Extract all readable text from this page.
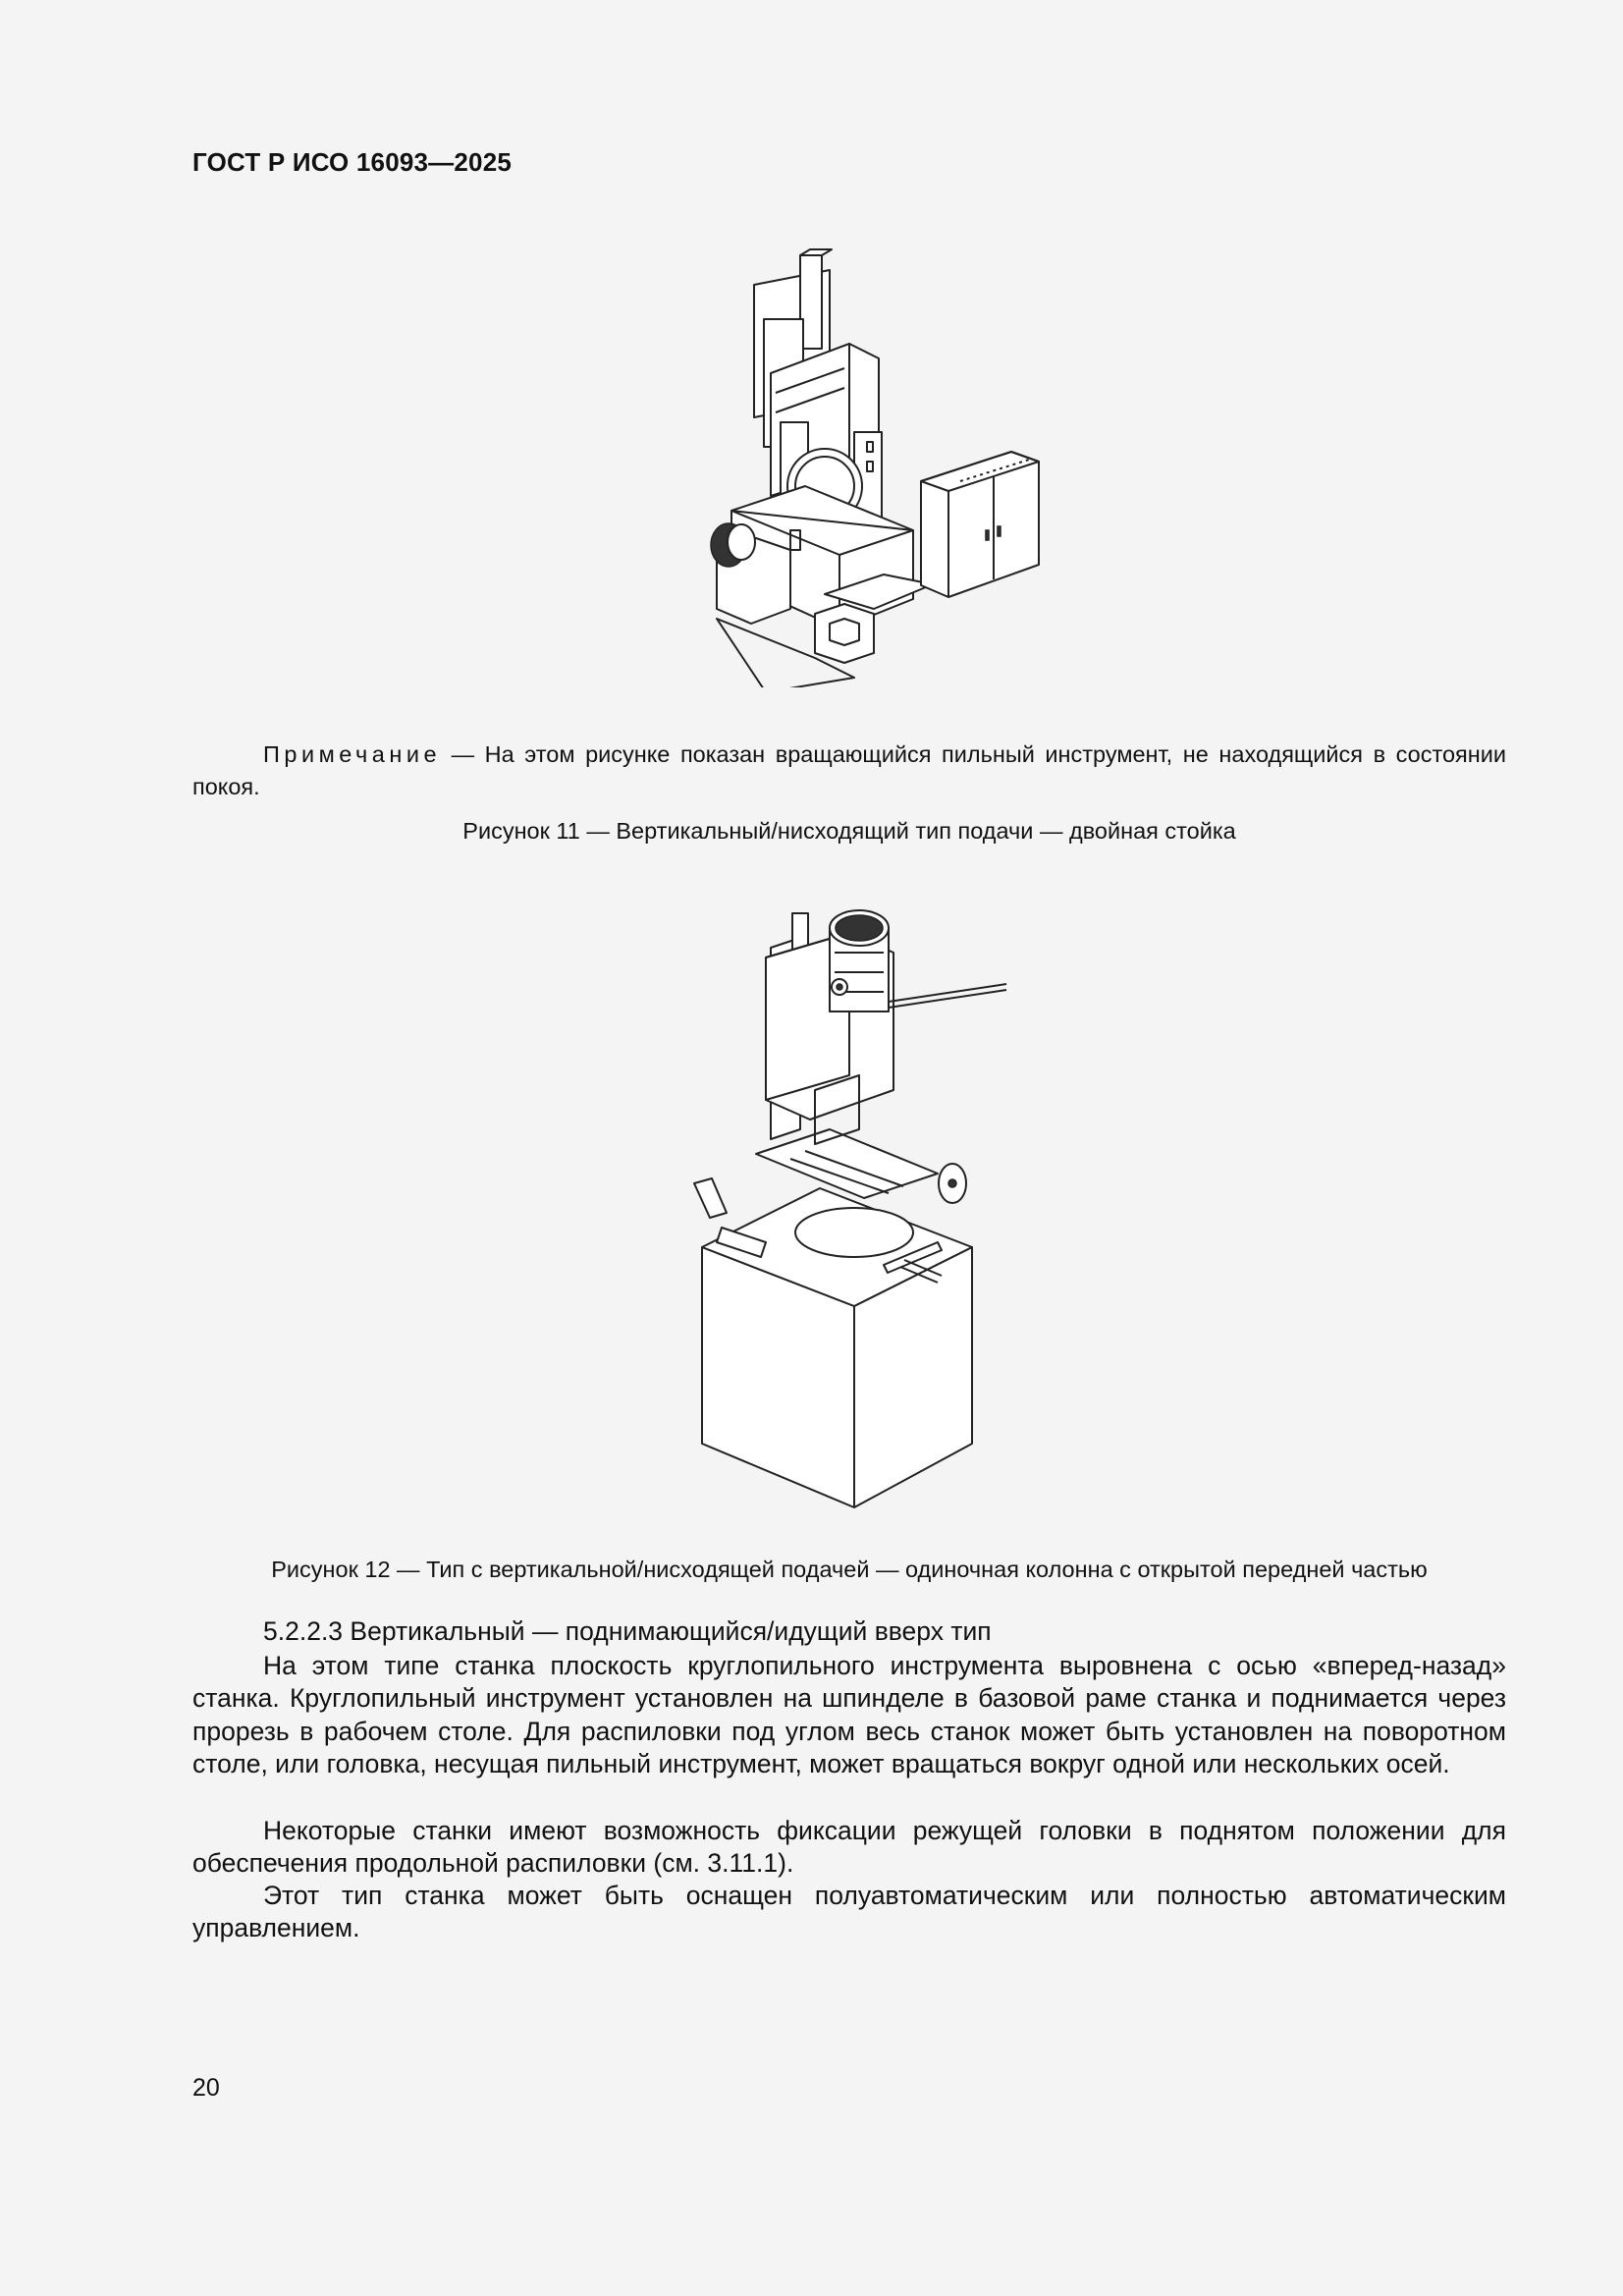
ГОСТ Р ИСО 16093—2025
Примечание — На этом рисунке показан вращающийся пильный инструмент, не находящийся в состоянии покоя.
Рисунок 11 — Вертикальный/нисходящий тип подачи — двойная стойка
Рисунок 12 — Тип с вертикальной/нисходящей подачей — одиночная колонна с открытой передней частью
5.2.2.3 Вертикальный — поднимающийся/идущий вверх тип
На этом типе станка плоскость круглопильного инструмента выровнена с осью «вперед-назад» станка. Круглопильный инструмент установлен на шпинделе в базовой раме станка и поднимается через прорезь в рабочем столе. Для распиловки под углом весь станок может быть установлен на поворотном столе, или головка, несущая пильный инструмент, может вращаться вокруг одной или нескольких осей.
Некоторые станки имеют возможность фиксации режущей головки в поднятом положении для обеспечения продольной распиловки (см. 3.11.1).
Этот тип станка может быть оснащен полуавтоматическим или полностью автоматическим управлением.
20
